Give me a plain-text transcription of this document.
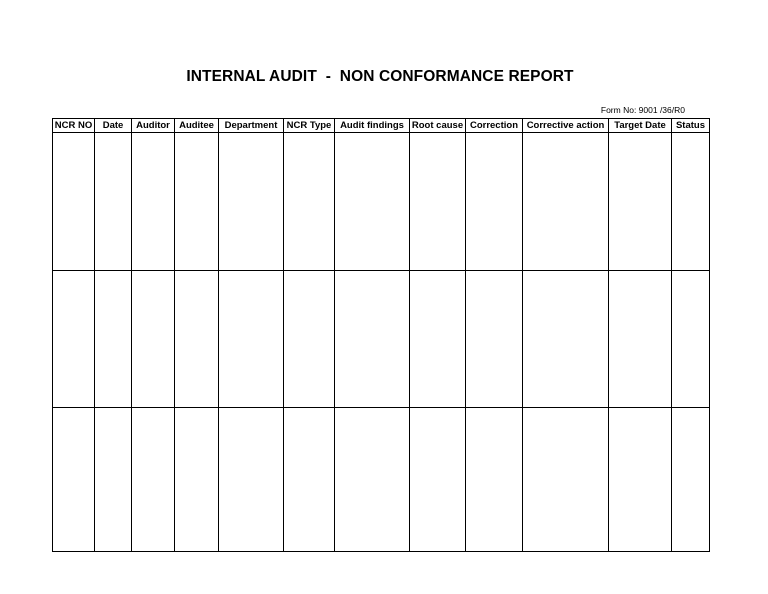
INTERNAL AUDIT  -  NON CONFORMANCE REPORT
Form No: 9001 /36/R0
NCR NO	Date	Auditor	Auditee	Department	NCR Type	Audit findings	Root cause	Correction	Corrective action	Target Date	Status
